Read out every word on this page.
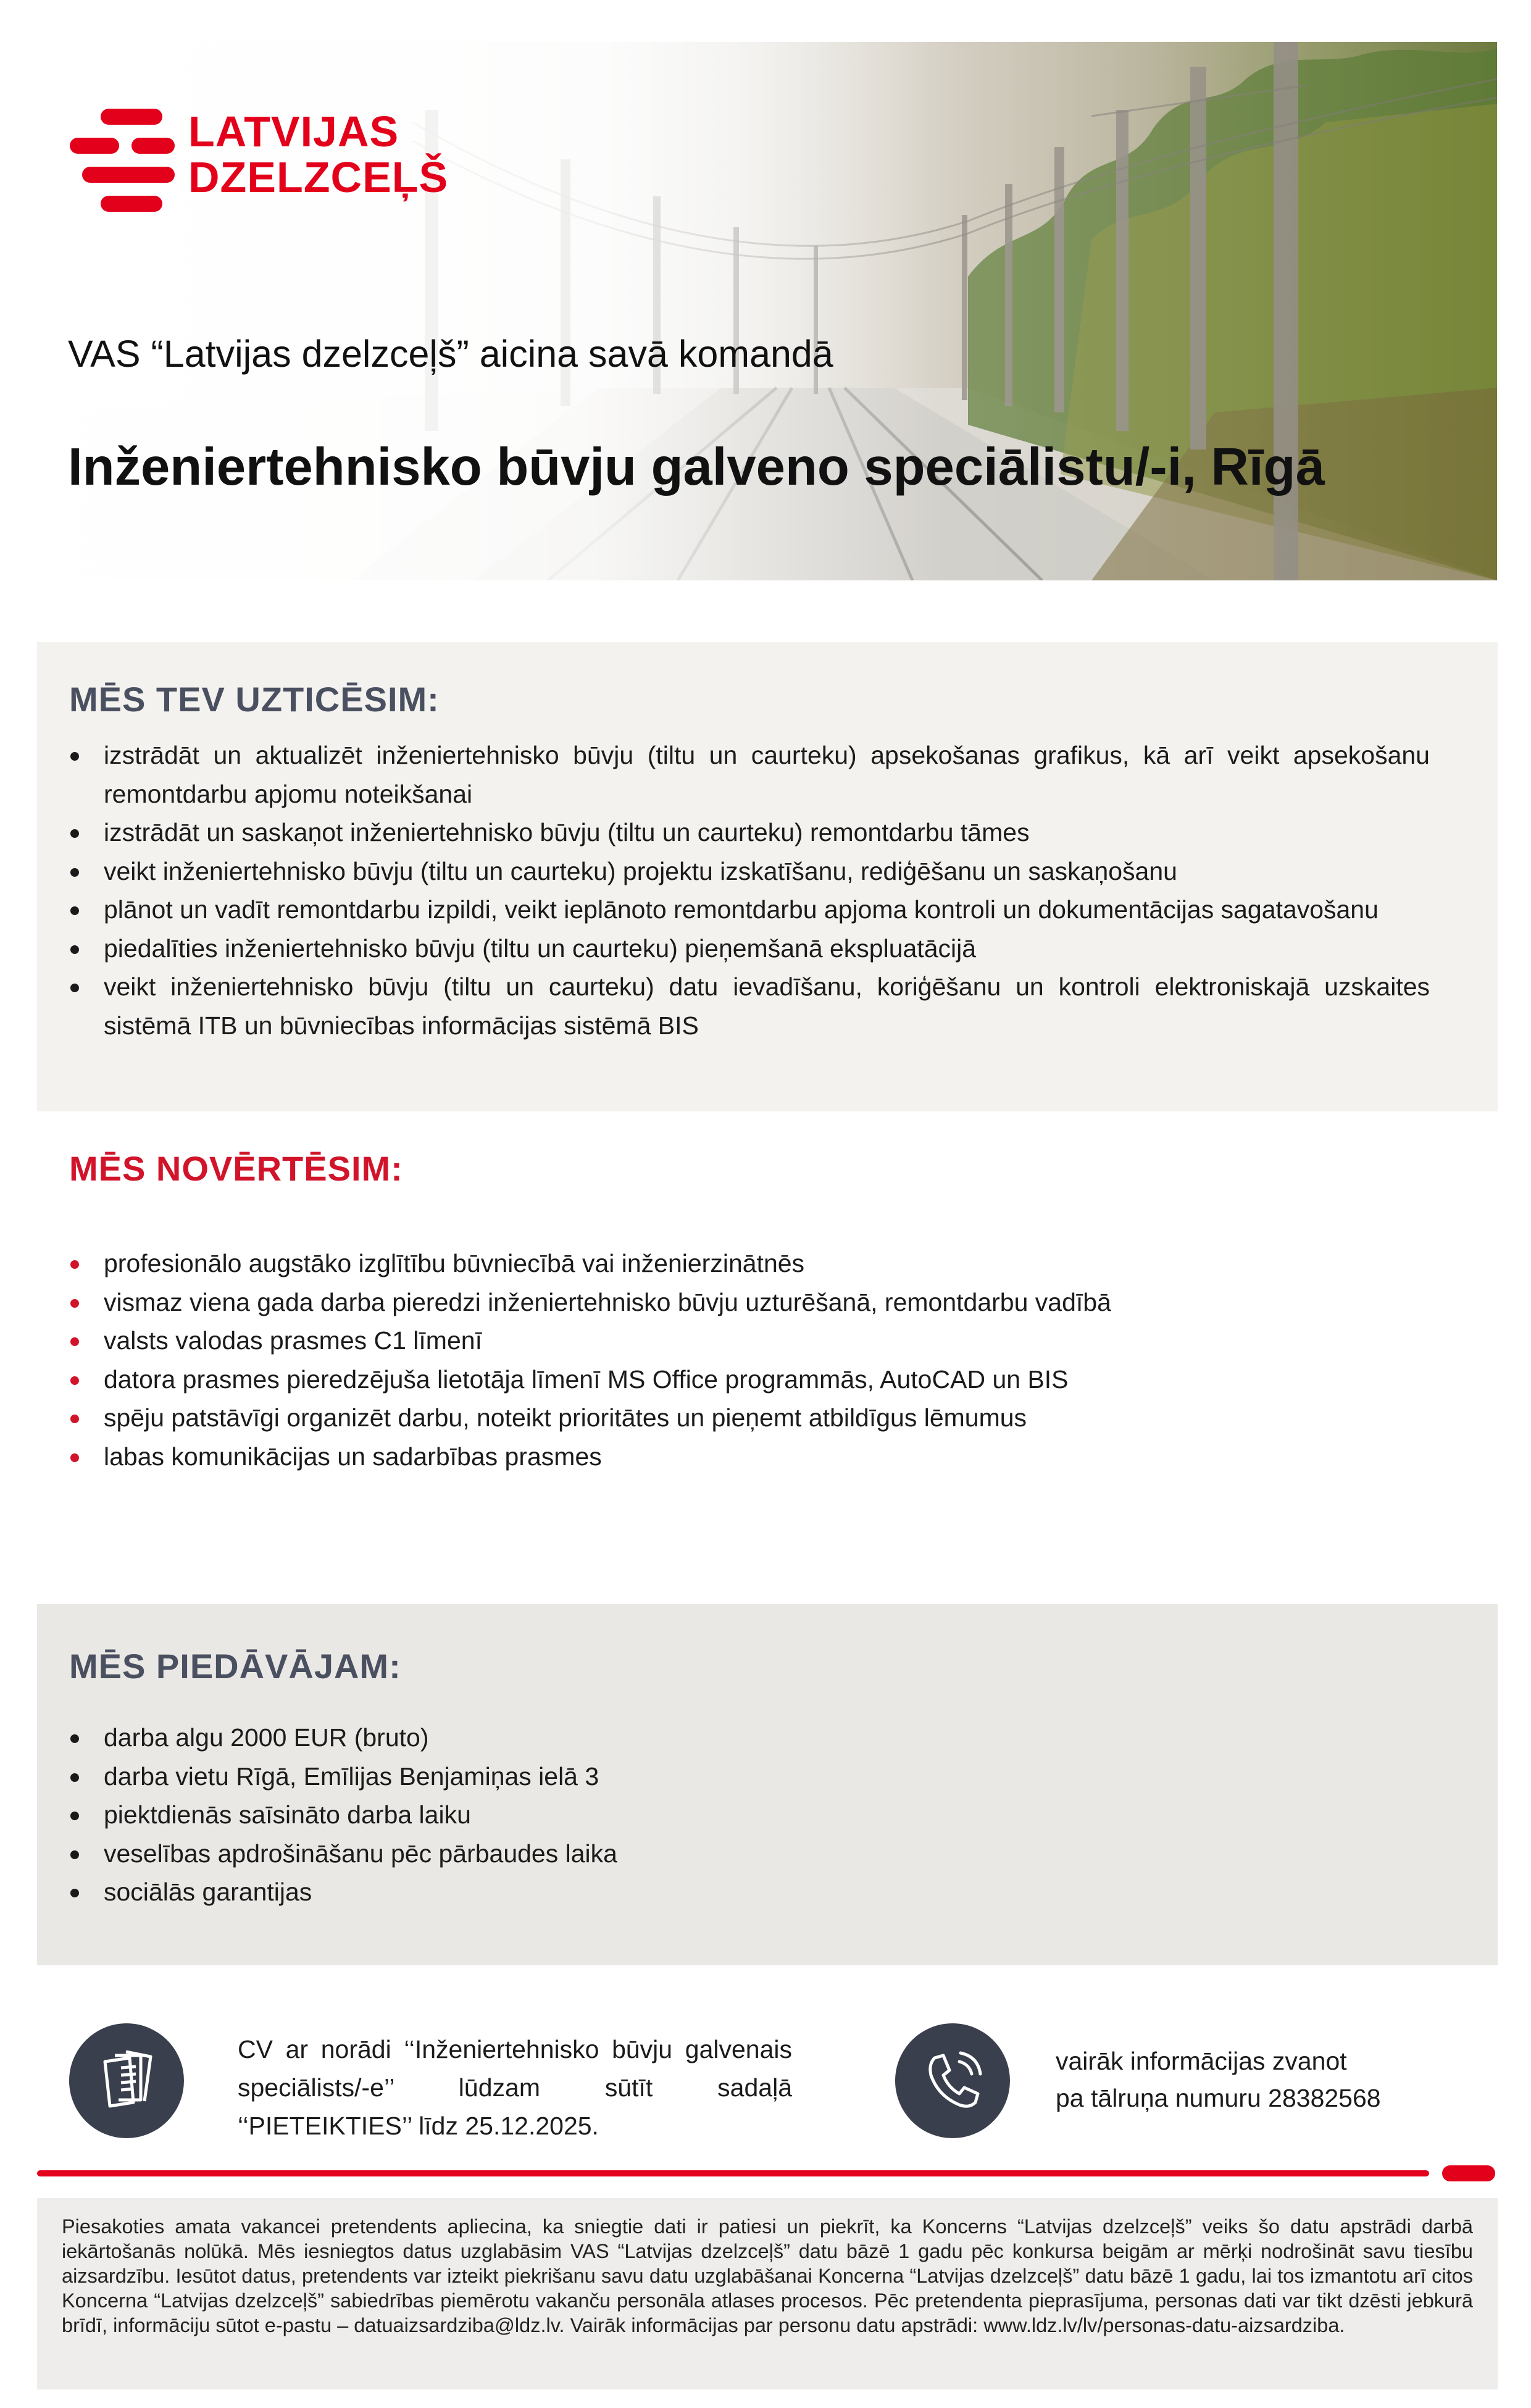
LATVIJAS
DZELZCEĻŠ
VAS “Latvijas dzelzceļš” aicina savā komandā
Inženiertehnisko būvju galveno speciālistu/-i, Rīgā
MĒS TEV UZTICĒSIM:
izstrādāt un aktualizēt inženiertehnisko būvju (tiltu un caurteku) apsekošanas grafikus, kā arī veikt apsekošanu remontdarbu apjomu noteikšanai
izstrādāt un saskaņot inženiertehnisko būvju (tiltu un caurteku) remontdarbu tāmes
veikt inženiertehnisko būvju (tiltu un caurteku) projektu izskatīšanu, rediģēšanu un saskaņošanu
plānot un vadīt remontdarbu izpildi, veikt ieplānoto remontdarbu apjoma kontroli un dokumentācijas sagatavošanu
piedalīties inženiertehnisko būvju (tiltu un caurteku) pieņemšanā ekspluatācijā
veikt inženiertehnisko būvju (tiltu un caurteku) datu ievadīšanu, koriģēšanu un kontroli elektroniskajā uzskaites sistēmā ITB un būvniecības informācijas sistēmā BIS
MĒS NOVĒRTĒSIM:
profesionālo augstāko izglītību būvniecībā vai inženierzinātnēs
vismaz viena gada darba pieredzi inženiertehnisko būvju uzturēšanā, remontdarbu vadībā
valsts valodas prasmes C1 līmenī
datora prasmes pieredzējuša lietotāja līmenī MS Office programmās, AutoCAD un BIS
spēju patstāvīgi organizēt darbu, noteikt prioritātes un pieņemt atbildīgus lēmumus
labas komunikācijas un sadarbības prasmes
MĒS PIEDĀVĀJAM:
darba algu 2000 EUR (bruto)
darba vietu Rīgā, Emīlijas Benjamiņas ielā 3
piektdienās saīsināto darba laiku
veselības apdrošināšanu pēc pārbaudes laika
sociālās garantijas
CV ar norādi ‘‘Inženiertehnisko būvju galvenais speciālists/-e’’ lūdzam sūtīt sadaļā ‘‘PIETEIKTIES’’ līdz 25.12.2025.
vairāk informācijas zvanot
pa tālruņa numuru 28382568

Piesakoties amata vakancei pretendents apliecina, ka sniegtie dati ir patiesi un piekrīt, ka Koncerns “Latvijas dzelzceļš” veiks šo datu apstrādi darbā iekārtošanās nolūkā. Mēs iesniegtos datus uzglabāsim VAS “Latvijas dzelzceļš” datu bāzē 1 gadu pēc konkursa beigām ar mērķi nodrošināt savu tiesību aizsardzību. Iesūtot datus, pretendents var izteikt piekrišanu savu datu uzglabāšanai Koncerna “Latvijas dzelzceļš” datu bāzē 1 gadu, lai tos izmantotu arī citos Koncerna “Latvijas dzelzceļš” sabiedrības piemērotu vakanču personāla atlases procesos. Pēc pretendenta pieprasījuma, personas dati var tikt dzēsti jebkurā brīdī, informāciju sūtot e-pastu – datuaizsardziba@ldz.lv. Vairāk informācijas par personu datu apstrādi: www.ldz.lv/lv/personas-datu-aizsardziba.
